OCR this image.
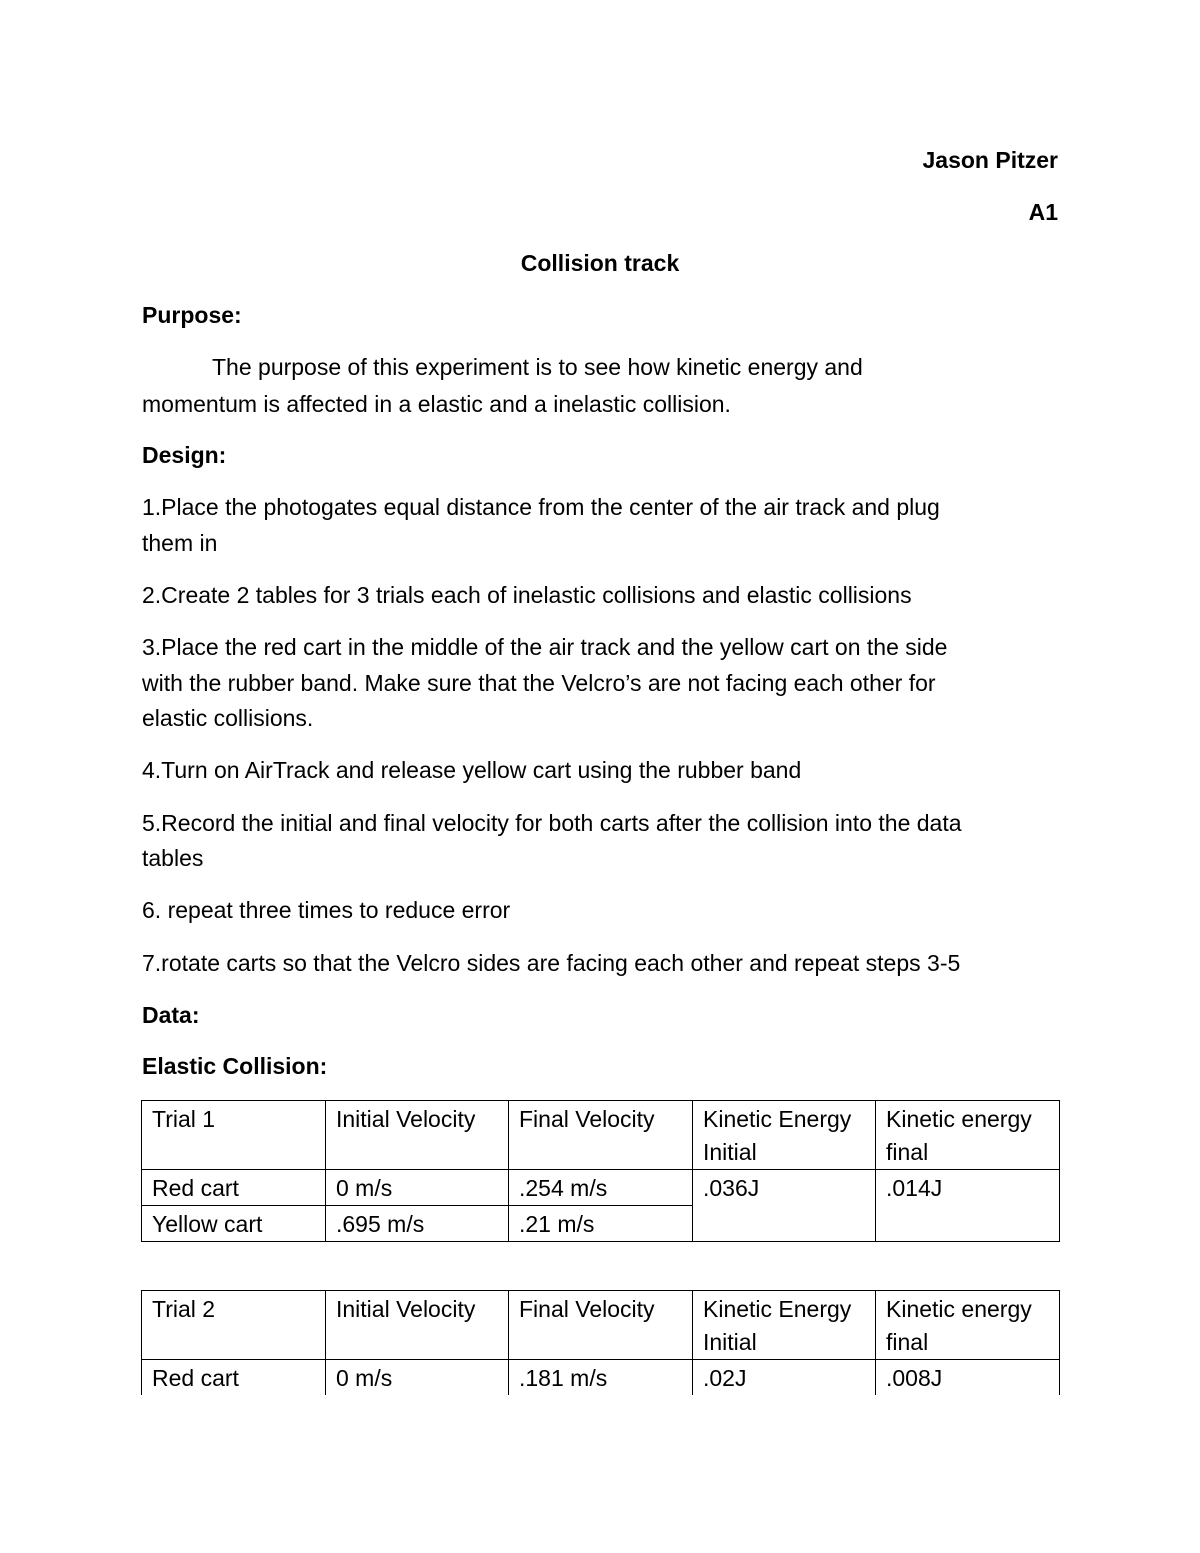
Jason Pitzer
A1
Collision track
Purpose:
The purpose of this experiment is to see how kinetic energy and
momentum is affected in a elastic and a inelastic collision.
Design:
1.Place the photogates equal distance from the center of the air track and plug
them in
2.Create 2 tables for 3 trials each of inelastic collisions and elastic collisions
3.Place the red cart in the middle of the air track and the yellow cart on the side
with the rubber band. Make sure that the Velcro’s are not facing each other for
elastic collisions.
4.Turn on AirTrack and release yellow cart using the rubber band
5.Record the initial and final velocity for both carts after the collision into the data
tables
6. repeat three times to reduce error
7.rotate carts so that the Velcro sides are facing each other and repeat steps 3-5
Data:
Elastic Collision:
Trial 1	Initial Velocity	Final Velocity	Kinetic Energy Initial	Kinetic energy final
Red cart	0 m/s	.254 m/s	.036J	.014J
Yellow cart	.695 m/s	.21 m/s		
Trial 2	Initial Velocity	Final Velocity	Kinetic Energy Initial	Kinetic energy final
Red cart	0 m/s	.181 m/s	.02J	.008J
